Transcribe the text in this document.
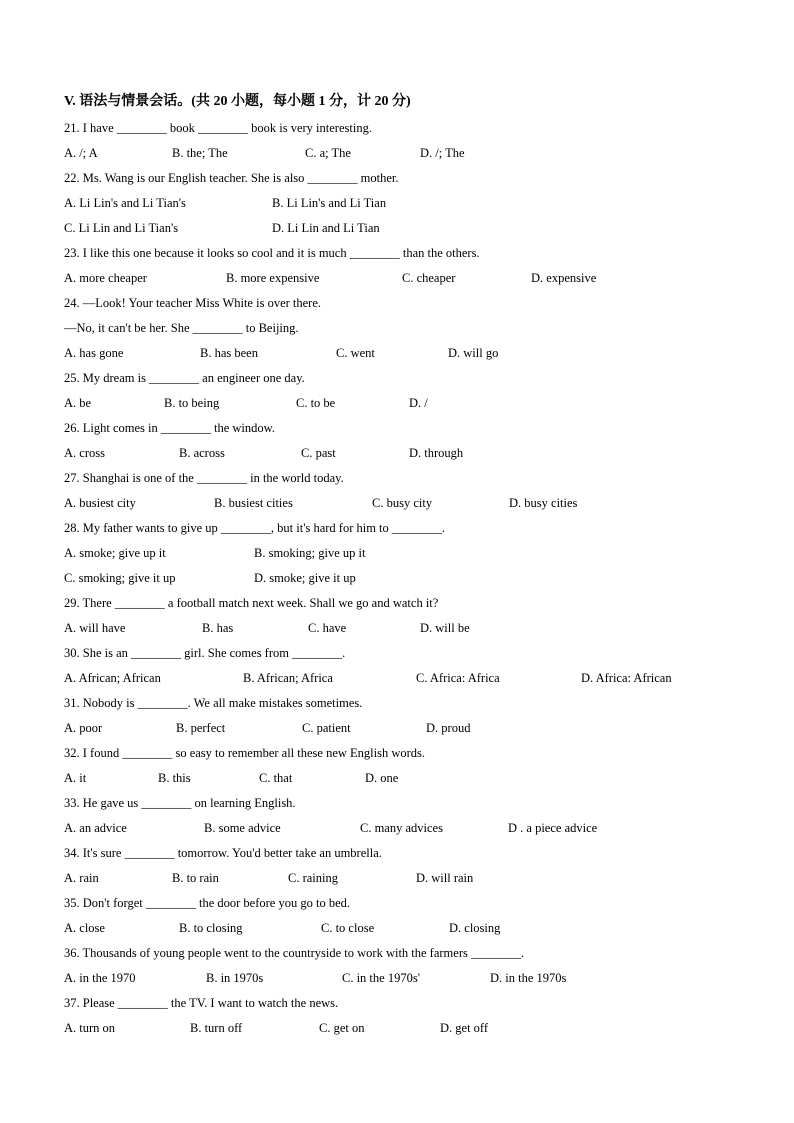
V. 语法与情景会话。(共 20 小题，每小题 1 分，计 20 分)
21. I have ________ book ________ book is very interesting.
A. /; A	B. the; The	C. a; The	D. /; The
22. Ms. Wang is our English teacher. She is also ________ mother.
A. Li Lin's and Li Tian's	B. Li Lin's and Li Tian
C. Li Lin and Li Tian's	D. Li Lin and Li Tian
23. I like this one because it looks so cool and it is much ________ than the others.
A. more cheaper	B. more expensive	C. cheaper	D. expensive
24. —Look! Your teacher Miss White is over there.
—No, it can't be her. She ________ to Beijing.
A. has gone	B. has been	C. went	D. will go
25. My dream is ________ an engineer one day.
A. be	B. to being	C. to be	D. /
26. Light comes in ________ the window.
A. cross	B. across	C. past	D. through
27. Shanghai is one of the ________ in the world today.
A. busiest city	B. busiest cities	C. busy city	D. busy cities
28. My father wants to give up ________, but it's hard for him to ________.
A. smoke; give up it	B. smoking; give up it
C. smoking; give it up	D. smoke; give it up
29. There ________ a football match next week. Shall we go and watch it?
A. will have	B. has	C. have	D. will be
30. She is an ________ girl. She comes from ________.
A. African; African	B. African; Africa	C. Africa: Africa	D. Africa: African
31. Nobody is ________. We all make mistakes sometimes.
A. poor	B. perfect	C. patient	D. proud
32. I found ________ so easy to remember all these new English words.
A. it	B. this	C. that	D. one
33. He gave us ________ on learning English.
A. an advice	B. some advice	C. many advices	D . a piece advice
34. It's sure ________ tomorrow. You'd better take an umbrella.
A. rain	B. to rain	C. raining	D. will rain
35. Don't forget ________ the door before you go to bed.
A. close	B. to closing	C. to close	D. closing
36. Thousands of young people went to the countryside to work with the farmers ________.
A. in the 1970	B. in 1970s	C. in the 1970s'	D. in the 1970s
37. Please ________ the TV. I want to watch the news.
A. turn on	B. turn off	C. get on	D. get off
